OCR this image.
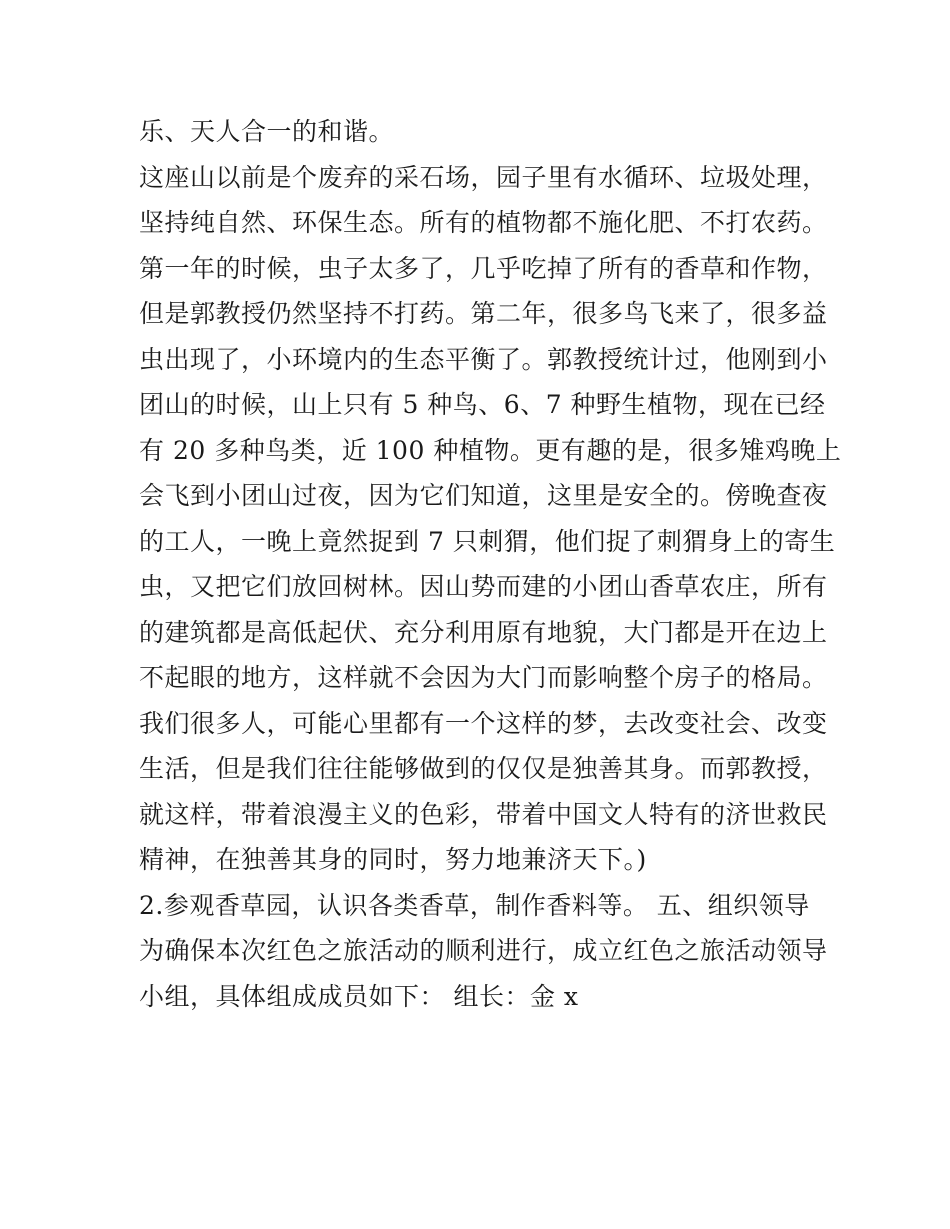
乐、天人合一的和谐。
这座山以前是个废弃的采石场，园子里有水循环、垃圾处理，
坚持纯自然、环保生态。所有的植物都不施化肥、不打农药。
第一年的时候，虫子太多了，几乎吃掉了所有的香草和作物，
但是郭教授仍然坚持不打药。第二年，很多鸟飞来了，很多益
虫出现了，小环境内的生态平衡了。郭教授统计过，他刚到小
团山的时候，山上只有 5 种鸟、6、7 种野生植物，现在已经
有 20 多种鸟类，近 100 种植物。更有趣的是，很多雉鸡晚上
会飞到小团山过夜，因为它们知道，这里是安全的。傍晚查夜
的工人，一晚上竟然捉到 7 只刺猬，他们捉了刺猬身上的寄生
虫，又把它们放回树林。因山势而建的小团山香草农庄，所有
的建筑都是高低起伏、充分利用原有地貌，大门都是开在边上
不起眼的地方，这样就不会因为大门而影响整个房子的格局。
我们很多人，可能心里都有一个这样的梦，去改变社会、改变
生活，但是我们往往能够做到的仅仅是独善其身。而郭教授，
就这样，带着浪漫主义的色彩，带着中国文人特有的济世救民
精神，在独善其身的同时，努力地兼济天下。)
2.参观香草园，认识各类香草，制作香料等。 五、组织领导
为确保本次红色之旅活动的顺利进行，成立红色之旅活动领导
小组，具体组成成员如下： 组长：金 x
